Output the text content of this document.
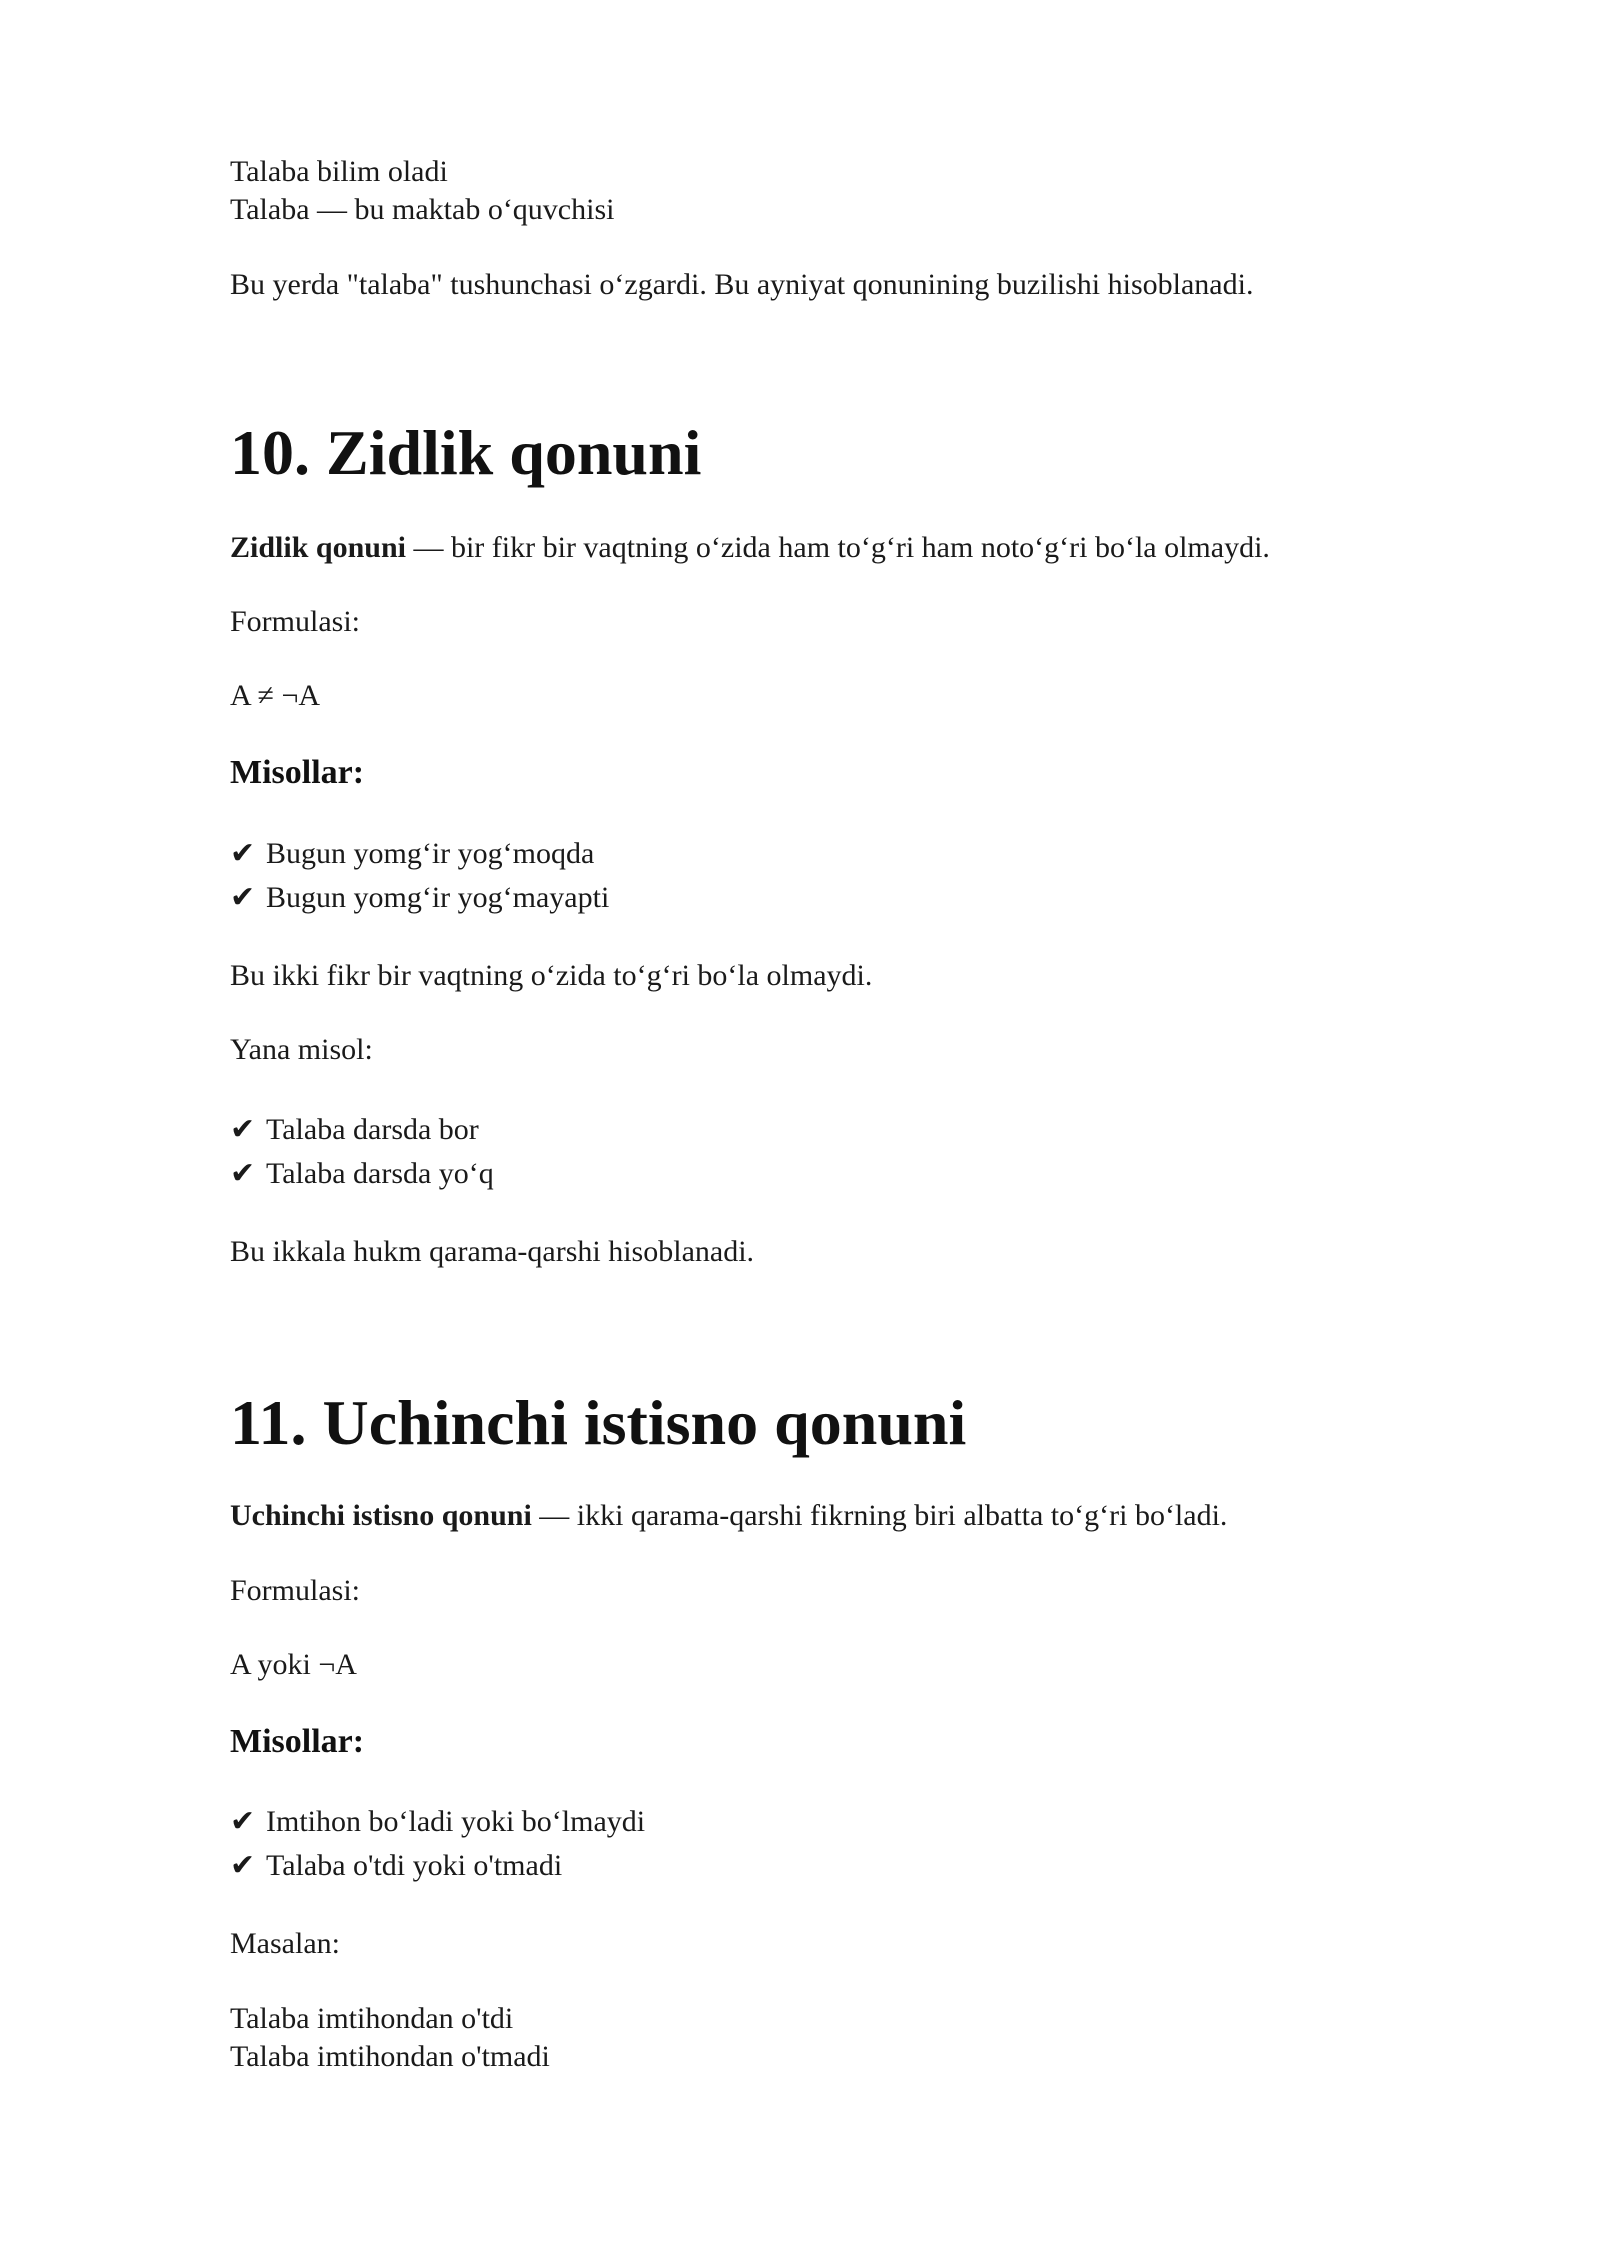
Talaba bilim oladi

Talaba — bu maktab o‘quvchisi

Bu yerda "talaba" tushunchasi o‘zgardi. Bu ayniyat qonunining buzilishi hisoblanadi.

10. Zidlik qonuni

Zidlik qonuni — bir fikr bir vaqtning o‘zida ham to‘g‘ri ham noto‘g‘ri bo‘la olmaydi.

Formulasi:

A ≠ ¬A

Misollar:

✔ Bugun yomg‘ir yog‘moqda

✔ Bugun yomg‘ir yog‘mayapti

Bu ikki fikr bir vaqtning o‘zida to‘g‘ri bo‘la olmaydi.

Yana misol:

✔ Talaba darsda bor

✔ Talaba darsda yo‘q

Bu ikkala hukm qarama-qarshi hisoblanadi.

11. Uchinchi istisno qonuni

Uchinchi istisno qonuni — ikki qarama-qarshi fikrning biri albatta to‘g‘ri bo‘ladi.

Formulasi:

A yoki ¬A

Misollar:

✔ Imtihon bo‘ladi yoki bo‘lmaydi

✔ Talaba o'tdi yoki o'tmadi

Masalan:

Talaba imtihondan o'tdi

Talaba imtihondan o'tmadi
